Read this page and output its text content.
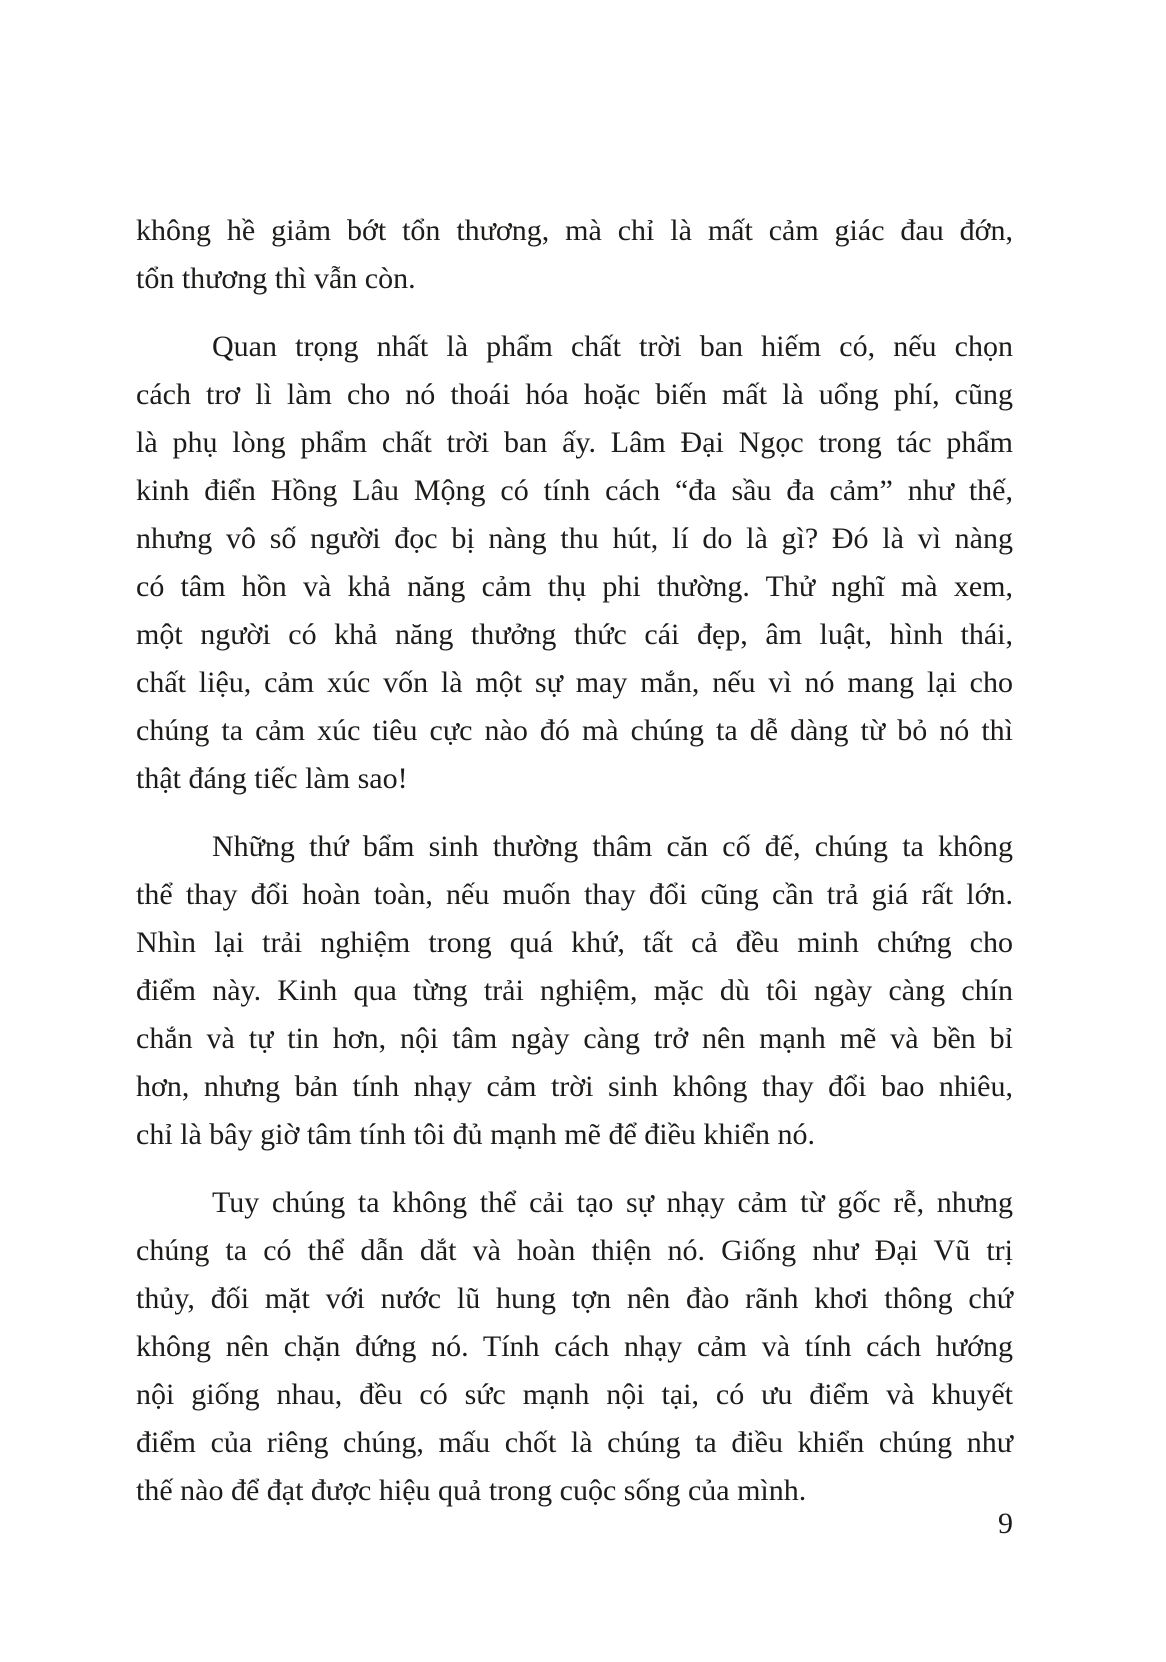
không hề giảm bớt tổn thương, mà chỉ là mất cảm giác đau đớn,
tổn thương thì vẫn còn.
Quan trọng nhất là phẩm chất trời ban hiếm có, nếu chọn
cách trơ lì làm cho nó thoái hóa hoặc biến mất là uổng phí, cũng
là phụ lòng phẩm chất trời ban ấy. Lâm Đại Ngọc trong tác phẩm
kinh điển Hồng Lâu Mộng có tính cách “đa sầu đa cảm” như thế,
nhưng vô số người đọc bị nàng thu hút, lí do là gì? Đó là vì nàng
có tâm hồn và khả năng cảm thụ phi thường. Thử nghĩ mà xem,
một người có khả năng thưởng thức cái đẹp, âm luật, hình thái,
chất liệu, cảm xúc vốn là một sự may mắn, nếu vì nó mang lại cho
chúng ta cảm xúc tiêu cực nào đó mà chúng ta dễ dàng từ bỏ nó thì
thật đáng tiếc làm sao!
Những thứ bẩm sinh thường thâm căn cố đế, chúng ta không
thể thay đổi hoàn toàn, nếu muốn thay đổi cũng cần trả giá rất lớn.
Nhìn lại trải nghiệm trong quá khứ, tất cả đều minh chứng cho
điểm này. Kinh qua từng trải nghiệm, mặc dù tôi ngày càng chín
chắn và tự tin hơn, nội tâm ngày càng trở nên mạnh mẽ và bền bỉ
hơn, nhưng bản tính nhạy cảm trời sinh không thay đổi bao nhiêu,
chỉ là bây giờ tâm tính tôi đủ mạnh mẽ để điều khiển nó.
Tuy chúng ta không thể cải tạo sự nhạy cảm từ gốc rễ, nhưng
chúng ta có thể dẫn dắt và hoàn thiện nó. Giống như Đại Vũ trị
thủy, đối mặt với nước lũ hung tợn nên đào rãnh khơi thông chứ
không nên chặn đứng nó. Tính cách nhạy cảm và tính cách hướng
nội giống nhau, đều có sức mạnh nội tại, có ưu điểm và khuyết
điểm của riêng chúng, mấu chốt là chúng ta điều khiển chúng như
thế nào để đạt được hiệu quả trong cuộc sống của mình.
9
